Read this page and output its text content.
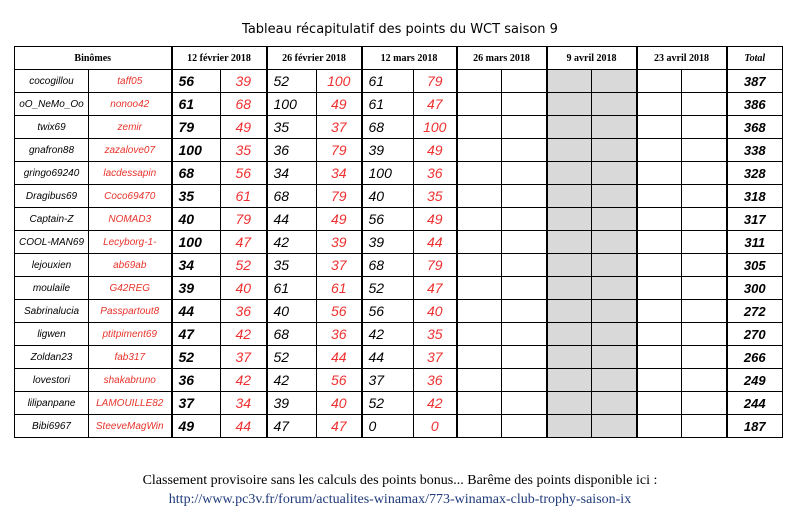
Tableau récapitulatif des points du WCT saison 9
Binômes		12 février 2018		26 février 2018		12 mars 2018		26 mars 2018		9 avril 2018		23 avril 2018		Total
cocogillou	taff05	56	39	52	100	61	79							387
oO_NeMo_Oo	nonoo42	61	68	100	49	61	47							386
twix69	zemir	79	49	35	37	68	100							368
gnafron88	zazalove07	100	35	36	79	39	49							338
gringo69240	lacdessapin	68	56	34	34	100	36							328
Dragibus69	Coco69470	35	61	68	79	40	35							318
Captain-Z	NOMAD3	40	79	44	49	56	49							317
COOL-MAN69	Lecyborg-1-	100	47	42	39	39	44							311
lejouxien	ab69ab	34	52	35	37	68	79							305
moulaile	G42REG	39	40	61	61	52	47							300
Sabrinalucia	Passpartout8	44	36	40	56	56	40							272
ligwen	ptitpiment69	47	42	68	36	42	35							270
Zoldan23	fab317	52	37	52	44	44	37							266
lovestori	shakabruno	36	42	42	56	37	36							249
lilipanpane	LAMOUILLE82	37	34	39	40	52	42							244
Bibi6967	SteeveMagWin	49	44	47	47	0	0							187
Classement provisoire sans les calculs des points bonus... Barême des points disponible ici :
http://www.pc3v.fr/forum/actualites-winamax/773-winamax-club-trophy-saison-ix
